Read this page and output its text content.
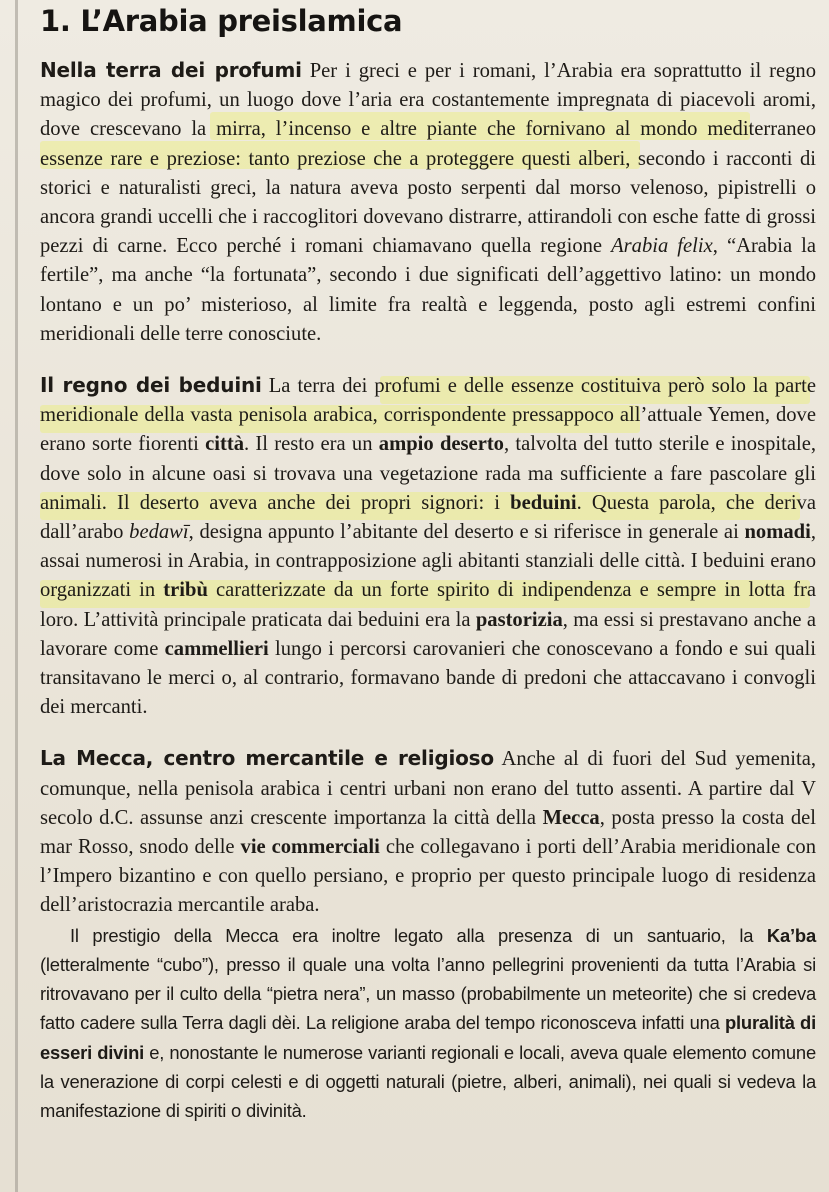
1. L’Arabia preislamica

Nella terra dei profumi Per i greci e per i romani, l’Arabia era soprattutto il regno magico dei profumi, un luogo dove l’aria era costantemente impregnata di piacevoli aromi, dove crescevano la mirra, l’incenso e altre piante che fornivano al mondo mediterraneo essenze rare e preziose: tanto preziose che a proteggere questi alberi, secondo i racconti di storici e naturalisti greci, la natura aveva posto serpenti dal morso velenoso, pipistrelli o ancora grandi uccelli che i raccoglitori dovevano distrarre, attirandoli con esche fatte di grossi pezzi di carne. Ecco perché i romani chiamavano quella regione Arabia felix, “Arabia la fertile”, ma anche “la fortunata”, secondo i due significati dell’aggettivo latino: un mondo lontano e un po’ misterioso, al limite fra realtà e leggenda, posto agli estremi confini meridionali delle terre conosciute.

Il regno dei beduini La terra dei profumi e delle essenze costituiva però solo la parte meridionale della vasta penisola arabica, corrispondente pressappoco all’attuale Yemen, dove erano sorte fiorenti città. Il resto era un ampio deserto, talvolta del tutto sterile e inospitale, dove solo in alcune oasi si trovava una vegetazione rada ma sufficiente a fare pascolare gli animali. Il deserto aveva anche dei propri signori: i beduini. Questa parola, che deriva dall’arabo bedawī, designa appunto l’abitante del deserto e si riferisce in generale ai nomadi, assai numerosi in Arabia, in contrapposizione agli abitanti stanziali delle città. I beduini erano organizzati in tribù caratterizzate da un forte spirito di indipendenza e sempre in lotta fra loro. L’attività principale praticata dai beduini era la pastorizia, ma essi si prestavano anche a lavorare come cammellieri lungo i percorsi carovanieri che conoscevano a fondo e sui quali transitavano le merci o, al contrario, formavano bande di predoni che attaccavano i convogli dei mercanti.

La Mecca, centro mercantile e religioso Anche al di fuori del Sud yemenita, comunque, nella penisola arabica i centri urbani non erano del tutto assenti. A partire dal V secolo d.C. assunse anzi crescente importanza la città della Mecca, posta presso la costa del mar Rosso, snodo delle vie commerciali che collegavano i porti dell’Arabia meridionale con l’Impero bizantino e con quello persiano, e proprio per questo principale luogo di residenza dell’aristocrazia mercantile araba.

Il prestigio della Mecca era inoltre legato alla presenza di un santuario, la Ka’ba (letteralmente “cubo”), presso il quale una volta l’anno pellegrini provenienti da tutta l’Arabia si ritrovavano per il culto della “pietra nera”, un masso (probabilmente un meteorite) che si credeva fatto cadere sulla Terra dagli dèi. La religione araba del tempo riconosceva infatti una pluralità di esseri divini e, nonostante le numerose varianti regionali e locali, aveva quale elemento comune la venerazione di corpi celesti e di oggetti naturali (pietre, alberi, animali), nei quali si vedeva la manifestazione di spiriti o divinità.
